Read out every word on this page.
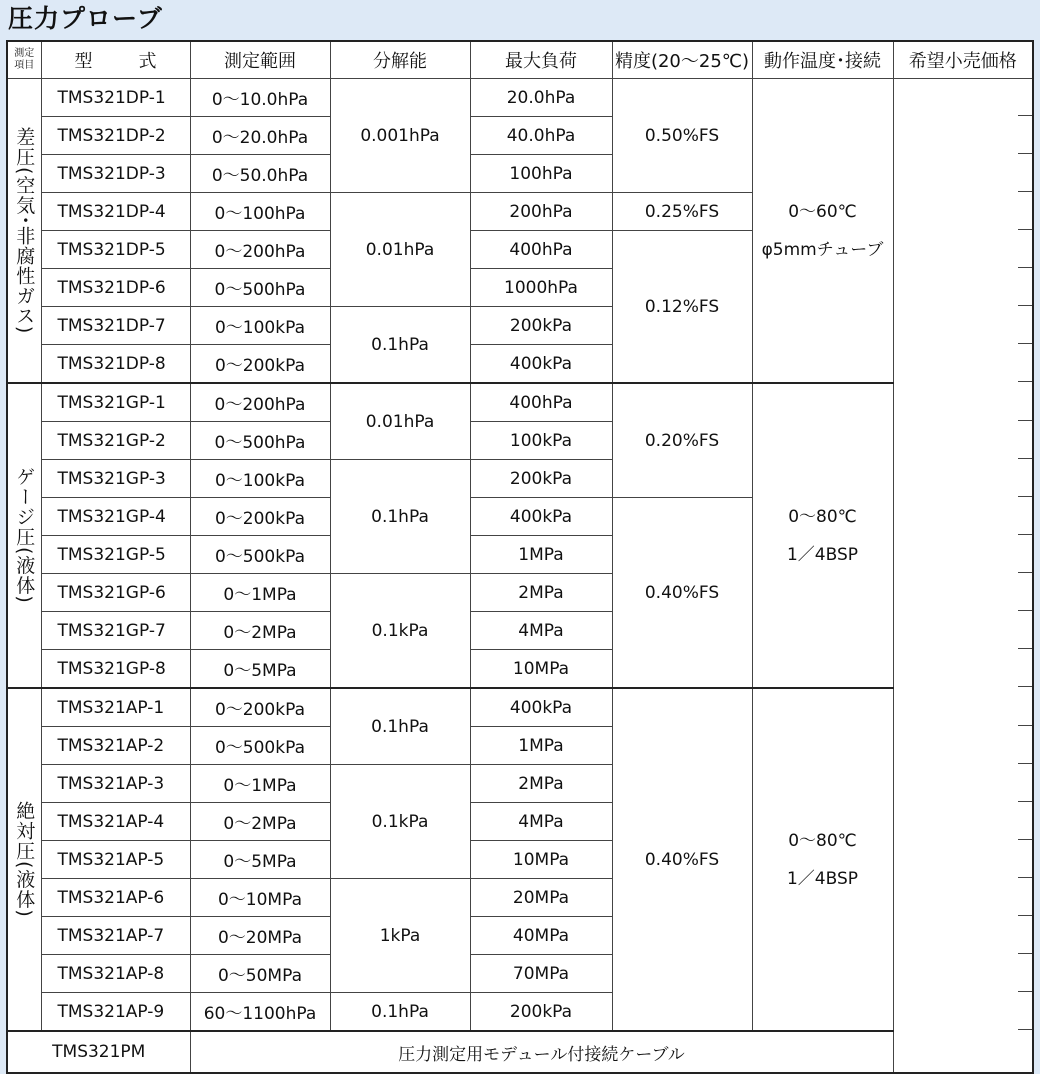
圧力プローブ
測定
項目	型　式	測定範囲	分解能	最大負荷	精度(20～25℃)	動作温度･接続	希望小売価格
差圧(空気･非腐性ガス)	TMS321DP-1	0～10.0hPa	0.001hPa	20.0hPa	0.50%FS	0～60℃
φ5mmチューブ	

	TMS321DP-2	0～20.0hPa		40.0hPa			

	TMS321DP-3	0～50.0hPa		100hPa			

	TMS321DP-4	0～100hPa	0.01hPa	200hPa	0.25%FS		

	TMS321DP-5	0～200hPa		400hPa	0.12%FS		

	TMS321DP-6	0～500hPa		1000hPa			

	TMS321DP-7	0～100kPa	0.1hPa	200kPa			

	TMS321DP-8	0～200kPa		400kPa			

ゲージ圧(液体)	TMS321GP-1	0～200hPa	0.01hPa	400hPa	0.20%FS	0～80℃
1／4BSP	

	TMS321GP-2	0～500hPa		100kPa			

	TMS321GP-3	0～100kPa	0.1hPa	200kPa			

	TMS321GP-4	0～200kPa		400kPa	0.40%FS		

	TMS321GP-5	0～500kPa		1MPa			

	TMS321GP-6	0～1MPa	0.1kPa	2MPa			

	TMS321GP-7	0～2MPa		4MPa			

	TMS321GP-8	0～5MPa		10MPa			

絶対圧(液体)	TMS321AP-1	0～200kPa	0.1hPa	400kPa	0.40%FS	0～80℃
1／4BSP	

	TMS321AP-2	0～500kPa		1MPa			

	TMS321AP-3	0～1MPa	0.1kPa	2MPa			

	TMS321AP-4	0～2MPa		4MPa			

	TMS321AP-5	0～5MPa		10MPa			

	TMS321AP-6	0～10MPa	1kPa	20MPa			

	TMS321AP-7	0～20MPa		40MPa			

	TMS321AP-8	0～50MPa		70MPa			

	TMS321AP-9	60～1100hPa	0.1hPa	200kPa			

TMS321PM		圧力測定用モデュール付接続ケーブル					
